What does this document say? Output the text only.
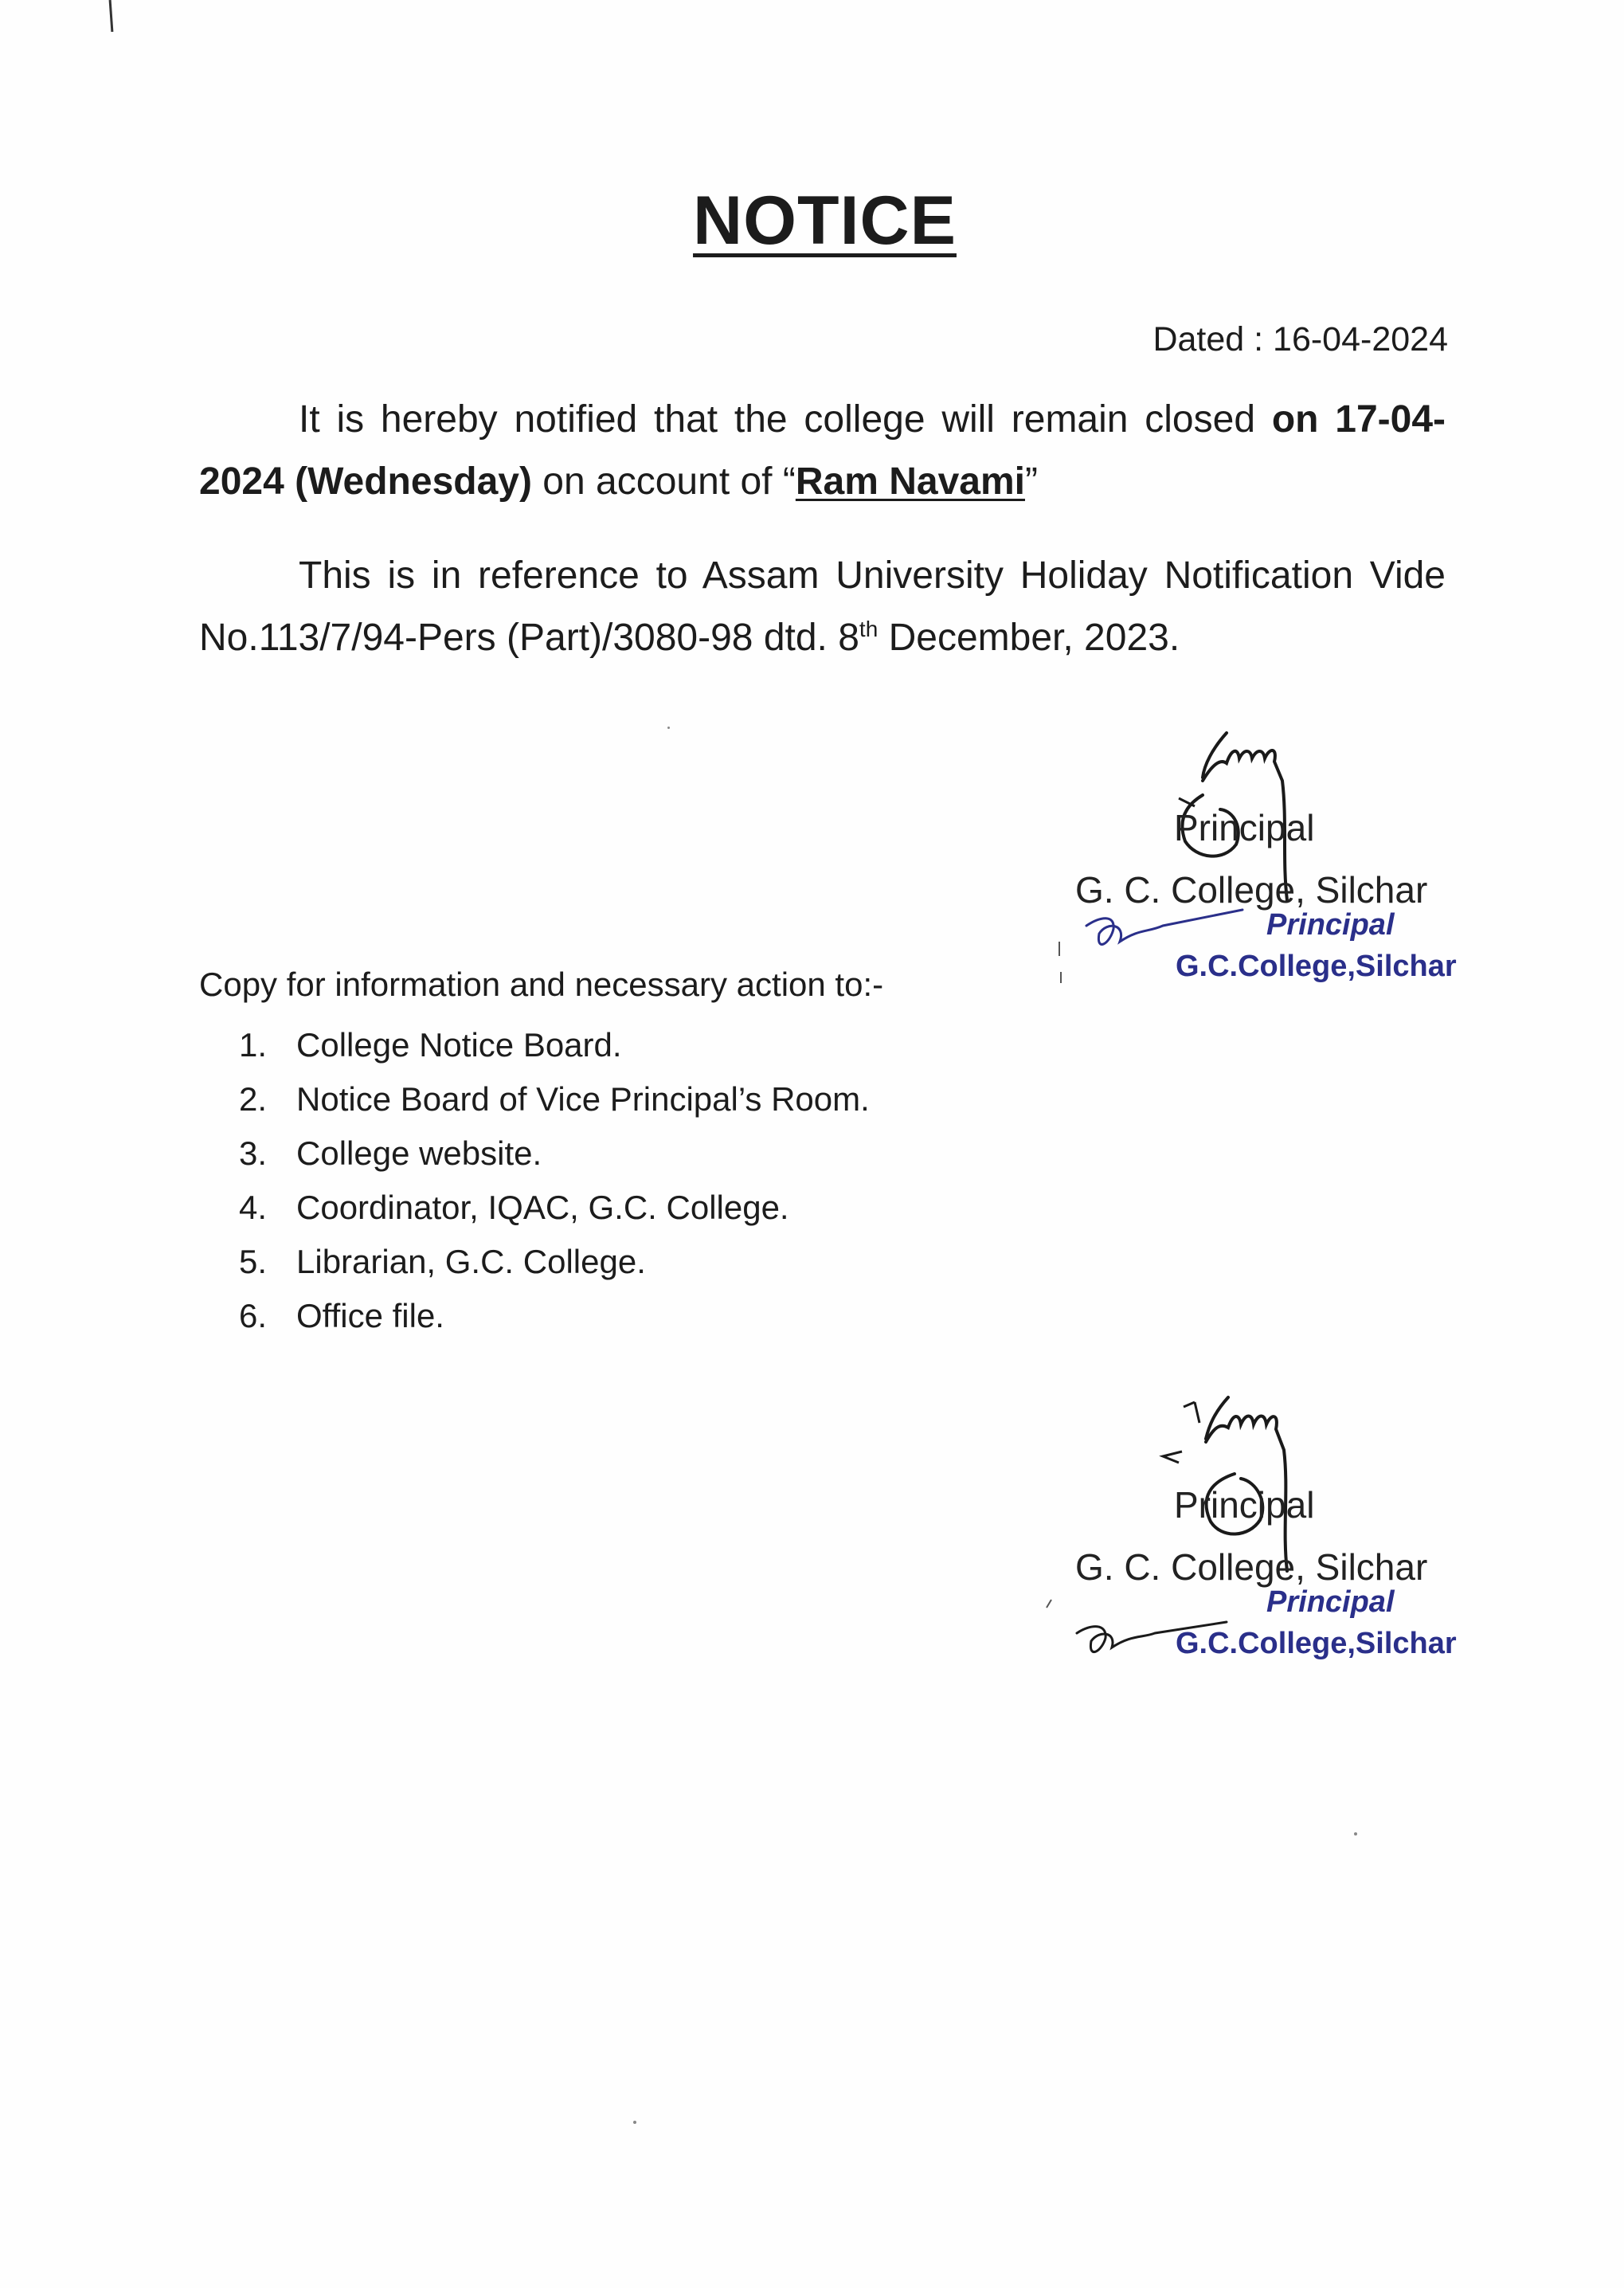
NOTICE
Dated : 16-04-2024
It is hereby notified that the college will remain closed on 17-04-2024 (Wednesday) on account of “Ram Navami”
This is in reference to Assam University Holiday Notification Vide No.113/7/94-Pers (Part)/3080-98 dtd. 8th December, 2023.
Principal
G. C. College, Silchar
Principal
G.C.College,Silchar
Copy for information and necessary action to:-
1. College Notice Board.
2. Notice Board of Vice Principal’s Room.
3. College website.
4. Coordinator, IQAC, G.C. College.
5. Librarian, G.C. College.
6. Office file.
Principal
G. C. College, Silchar
Principal
G.C.College,Silchar
